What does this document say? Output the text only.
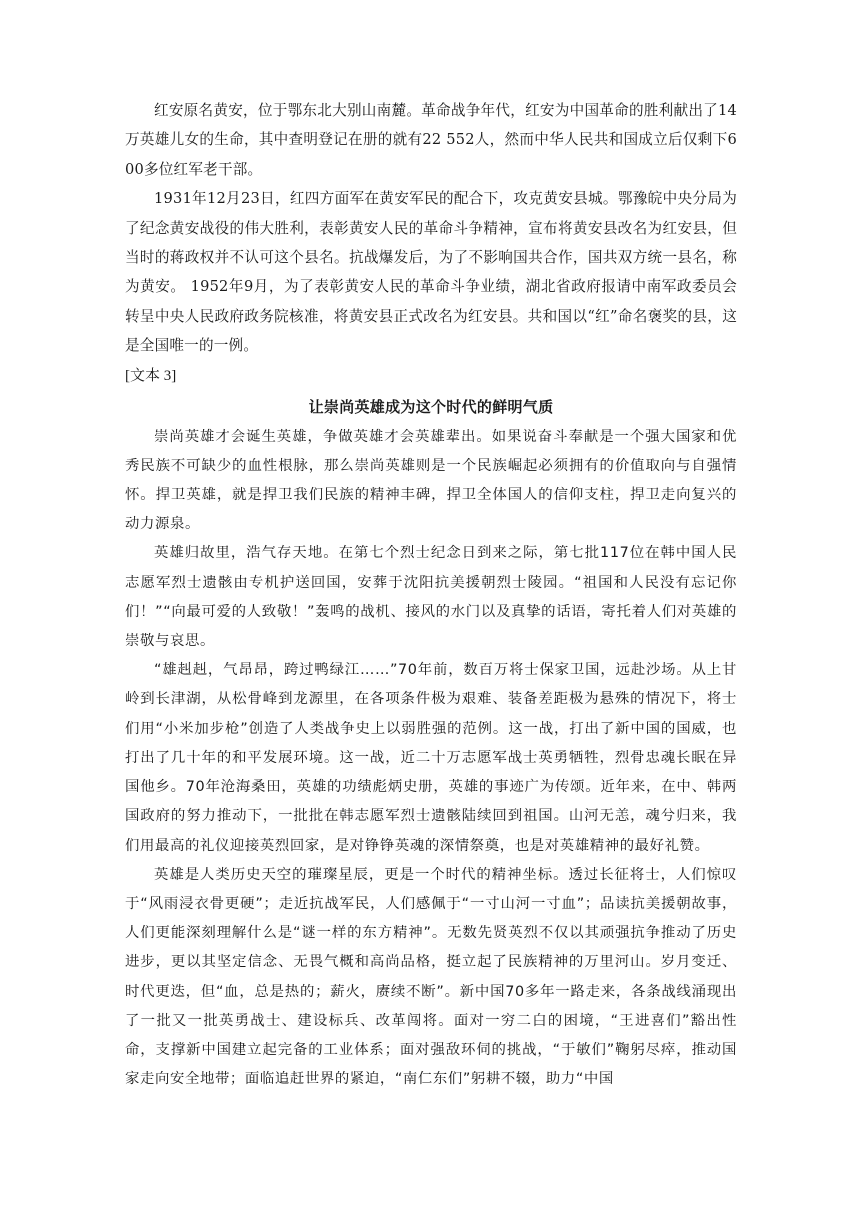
红安原名黄安，位于鄂东北大别山南麓。革命战争年代，红安为中国革命的胜利献出了14万英雄儿女的生命，其中查明登记在册的就有22 552人，然而中华人民共和国成立后仅剩下600多位红军老干部。

1931年12月23日，红四方面军在黄安军民的配合下，攻克黄安县城。鄂豫皖中央分局为了纪念黄安战役的伟大胜利，表彰黄安人民的革命斗争精神，宣布将黄安县改名为红安县，但当时的蒋政权并不认可这个县名。抗战爆发后，为了不影响国共合作，国共双方统一县名，称为黄安。 1952年9月，为了表彰黄安人民的革命斗争业绩，湖北省政府报请中南军政委员会转呈中央人民政府政务院核准，将黄安县正式改名为红安县。共和国以“红”命名褒奖的县，这是全国唯一的一例。

[文本 3]

让崇尚英雄成为这个时代的鲜明气质

崇尚英雄才会诞生英雄，争做英雄才会英雄辈出。如果说奋斗奉献是一个强大国家和优秀民族不可缺少的血性根脉，那么崇尚英雄则是一个民族崛起必须拥有的价值取向与自强情怀。捍卫英雄，就是捍卫我们民族的精神丰碑，捍卫全体国人的信仰支柱，捍卫走向复兴的动力源泉。

英雄归故里，浩气存天地。在第七个烈士纪念日到来之际，第七批117位在韩中国人民志愿军烈士遗骸由专机护送回国，安葬于沈阳抗美援朝烈士陵园。“祖国和人民没有忘记你们！”“向最可爱的人致敬！”轰鸣的战机、接风的水门以及真挚的话语，寄托着人们对英雄的崇敬与哀思。

“雄赳赳，气昂昂，跨过鸭绿江……”70年前，数百万将士保家卫国，远赴沙场。从上甘岭到长津湖，从松骨峰到龙源里，在各项条件极为艰难、装备差距极为悬殊的情况下，将士们用“小米加步枪”创造了人类战争史上以弱胜强的范例。这一战，打出了新中国的国威，也打出了几十年的和平发展环境。这一战，近二十万志愿军战士英勇牺牲，烈骨忠魂长眠在异国他乡。70年沧海桑田，英雄的功绩彪炳史册，英雄的事迹广为传颂。近年来，在中、韩两国政府的努力推动下，一批批在韩志愿军烈士遗骸陆续回到祖国。山河无恙，魂兮归来，我们用最高的礼仪迎接英烈回家，是对铮铮英魂的深情祭奠，也是对英雄精神的最好礼赞。

英雄是人类历史天空的璀璨星辰，更是一个时代的精神坐标。透过长征将士，人们惊叹于“风雨浸衣骨更硬”；走近抗战军民，人们感佩于“一寸山河一寸血”；品读抗美援朝故事，人们更能深刻理解什么是“谜一样的东方精神”。无数先贤英烈不仅以其顽强抗争推动了历史进步，更以其坚定信念、无畏气概和高尚品格，挺立起了民族精神的万里河山。岁月变迁、时代更迭，但“血，总是热的；薪火，赓续不断”。新中国70多年一路走来，各条战线涌现出了一批又一批英勇战士、建设标兵、改革闯将。面对一穷二白的困境，“王进喜们”豁出性命，支撑新中国建立起完备的工业体系；面对强敌环伺的挑战，“于敏们”鞠躬尽瘁，推动国家走向安全地带；面临追赶世界的紧迫，“南仁东们”躬耕不辍，助力“中国
